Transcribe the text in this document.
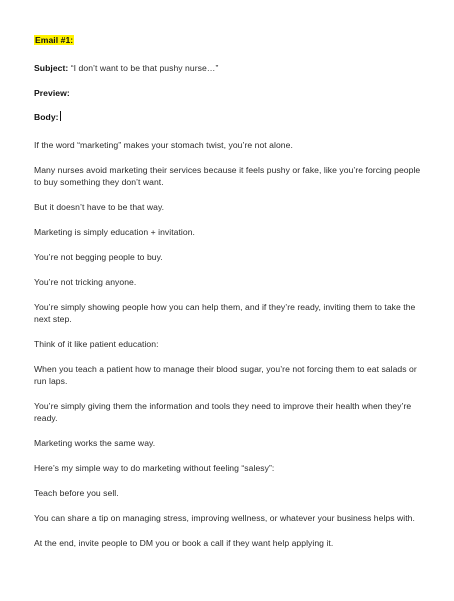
Email #1:

Subject: “I don’t want to be that pushy nurse…”

Preview:

Body:

If the word “marketing” makes your stomach twist, you’re not alone.

Many nurses avoid marketing their services because it feels pushy or fake, like you’re forcing people to buy something they don’t want.

But it doesn’t have to be that way.

Marketing is simply education + invitation.

You’re not begging people to buy.

You’re not tricking anyone.

You’re simply showing people how you can help them, and if they’re ready, inviting them to take the next step.

Think of it like patient education:

When you teach a patient how to manage their blood sugar, you’re not forcing them to eat salads or run laps.

You’re simply giving them the information and tools they need to improve their health when they’re ready.

Marketing works the same way.

Here’s my simple way to do marketing without feeling “salesy”:

Teach before you sell.

You can share a tip on managing stress, improving wellness, or whatever your business helps with.

At the end, invite people to DM you or book a call if they want help applying it.
